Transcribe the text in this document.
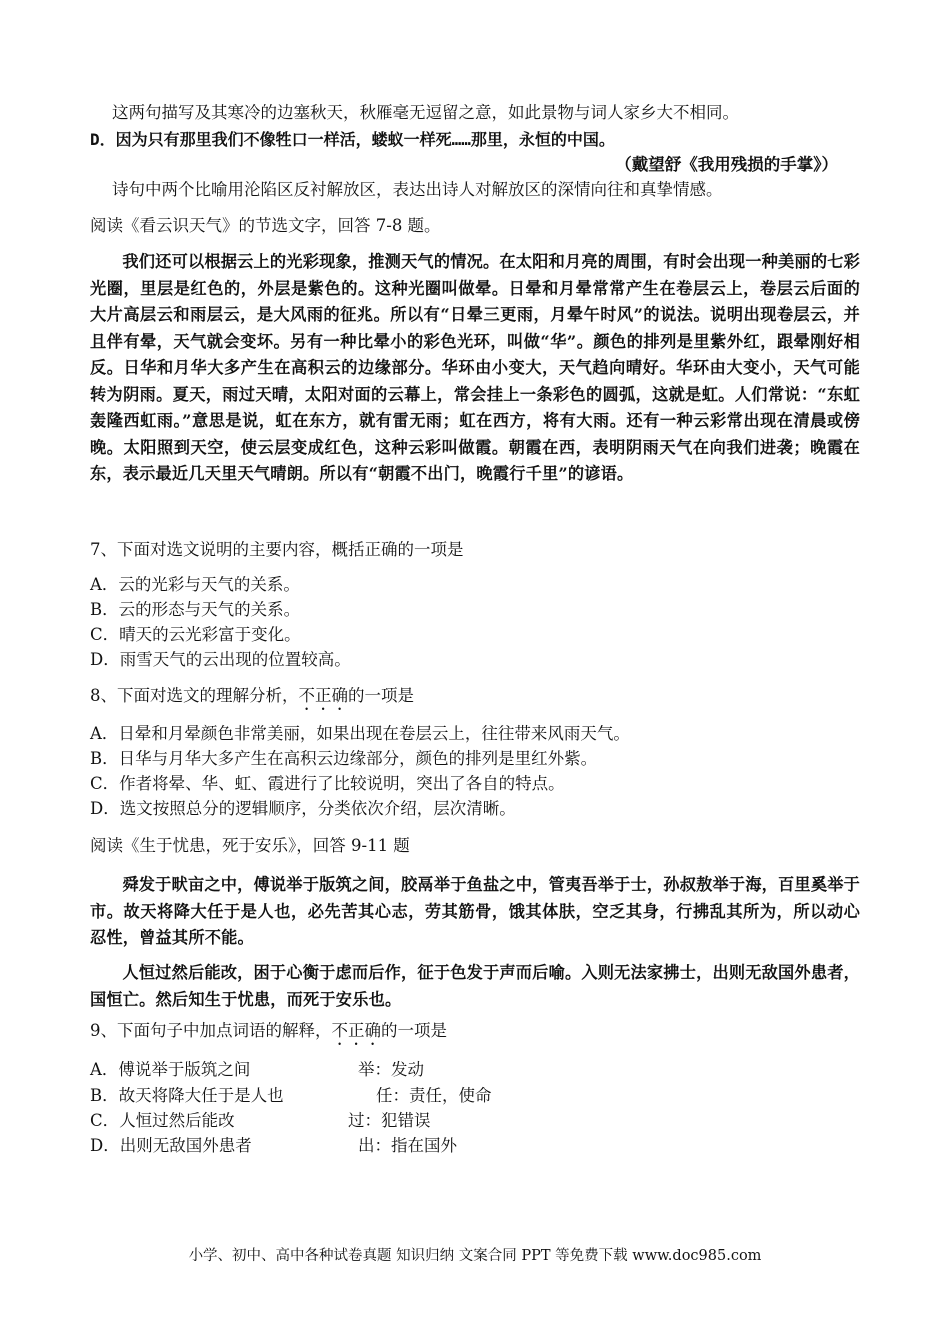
这两句描写及其寒冷的边塞秋天，秋雁毫无逗留之意，如此景物与词人家乡大不相同。
D．因为只有那里我们不像牲口一样活，蝼蚁一样死……那里，永恒的中国。
（戴望舒《我用残损的手掌》）
诗句中两个比喻用沦陷区反衬解放区，表达出诗人对解放区的深情向往和真挚情感。
阅读《看云识天气》的节选文字，回答 7-8 题。
我们还可以根据云上的光彩现象，推测天气的情况。在太阳和月亮的周围，有时会出现一种美丽的七彩光圈，里层是红色的，外层是紫色的。这种光圈叫做晕。日晕和月晕常常产生在卷层云上，卷层云后面的大片高层云和雨层云，是大风雨的征兆。所以有“日晕三更雨，月晕午时风”的说法。说明出现卷层云，并且伴有晕，天气就会变坏。另有一种比晕小的彩色光环，叫做“华”。颜色的排列是里紫外红，跟晕刚好相反。日华和月华大多产生在高积云的边缘部分。华环由小变大，天气趋向晴好。华环由大变小，天气可能转为阴雨。夏天，雨过天晴，太阳对面的云幕上，常会挂上一条彩色的圆弧，这就是虹。人们常说：“东虹轰隆西虹雨。”意思是说，虹在东方，就有雷无雨；虹在西方，将有大雨。还有一种云彩常出现在清晨或傍晚。太阳照到天空，使云层变成红色，这种云彩叫做霞。朝霞在西，表明阴雨天气在向我们进袭；晚霞在东，表示最近几天里天气晴朗。所以有“朝霞不出门，晚霞行千里”的谚语。
7、下面对选文说明的主要内容，概括正确的一项是
A．云的光彩与天气的关系。
B．云的形态与天气的关系。
C．晴天的云光彩富于变化。
D．雨雪天气的云出现的位置较高。
8、下面对选文的理解分析，不正确的一项是
A．日晕和月晕颜色非常美丽，如果出现在卷层云上，往往带来风雨天气。
B．日华与月华大多产生在高积云边缘部分，颜色的排列是里红外紫。
C．作者将晕、华、虹、霞进行了比较说明，突出了各自的特点。
D．选文按照总分的逻辑顺序，分类依次介绍，层次清晰。
阅读《生于忧患，死于安乐》，回答 9-11 题
舜发于畎亩之中，傅说举于版筑之间，胶鬲举于鱼盐之中，管夷吾举于士，孙叔敖举于海，百里奚举于市。故天将降大任于是人也，必先苦其心志，劳其筋骨，饿其体肤，空乏其身，行拂乱其所为，所以动心忍性，曾益其所不能。
人恒过然后能改，困于心衡于虑而后作，征于色发于声而后喻。入则无法家拂士，出则无敌国外患者，国恒亡。然后知生于忧患，而死于安乐也。
9、下面句子中加点词语的解释，不正确的一项是
A．傅说举于版筑之间	举：发动
B．故天将降大任于是人也	任：责任，使命
C．人恒过然后能改	过：犯错误
D．出则无敌国外患者	出：指在国外
小学、初中、高中各种试卷真题 知识归纳 文案合同 PPT 等免费下载 www.doc985.com
